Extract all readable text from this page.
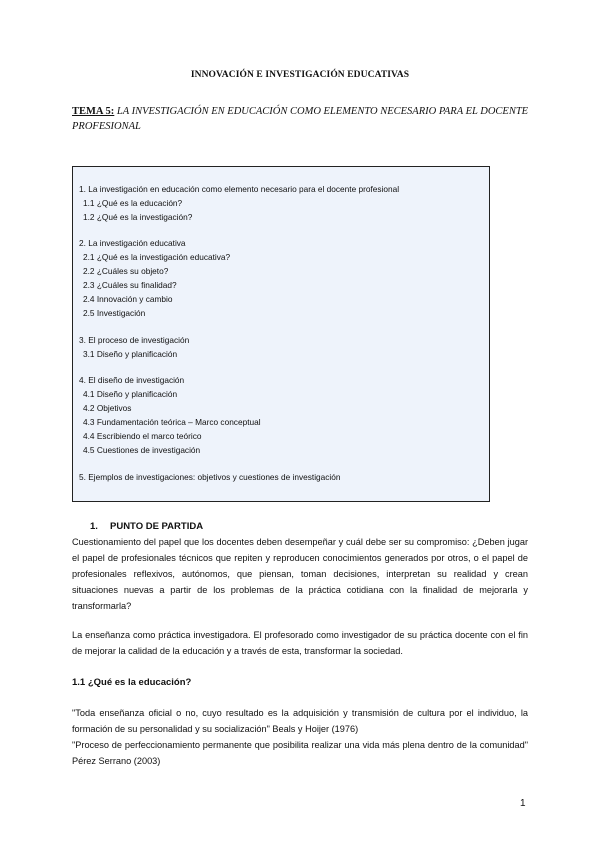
INNOVACIÓN E INVESTIGACIÓN EDUCATIVAS
TEMA 5: LA INVESTIGACIÓN EN EDUCACIÓN COMO ELEMENTO NECESARIO PARA EL DOCENTE PROFESIONAL
1. La investigación en educación como elemento necesario para el docente profesional
1.1 ¿Qué es la educación?
1.2 ¿Qué es la investigación?
2. La investigación educativa
2.1 ¿Qué es la investigación educativa?
2.2 ¿Cuáles su objeto?
2.3 ¿Cuáles su finalidad?
2.4 Innovación y cambio
2.5 Investigación
3. El proceso de investigación
3.1 Diseño y planificación
4. El diseño de investigación
4.1 Diseño y planificación
4.2 Objetivos
4.3 Fundamentación teórica – Marco conceptual
4.4 Escribiendo el marco teórico
4.5 Cuestiones de investigación
5. Ejemplos de investigaciones: objetivos y cuestiones de investigación
1. PUNTO DE PARTIDA
Cuestionamiento del papel que los docentes deben desempeñar y cuál debe ser su compromiso: ¿Deben jugar el papel de profesionales técnicos que repiten y reproducen conocimientos generados por otros, o el papel de profesionales reflexivos, autónomos, que piensan, toman decisiones, interpretan su realidad y crean situaciones nuevas a partir de los problemas de la práctica cotidiana con la finalidad de mejorarla y transformarla?
La enseñanza como práctica investigadora. El profesorado como investigador de su práctica docente con el fin de mejorar la calidad de la educación y a través de esta, transformar la sociedad.
1.1 ¿Qué es la educación?
"Toda enseñanza oficial o no, cuyo resultado es la adquisición y transmisión de cultura por el individuo, la formación de su personalidad y su socialización" Beals y Hoijer (1976)
"Proceso de perfeccionamiento permanente que posibilita realizar una vida más plena dentro de la comunidad" Pérez Serrano (2003)
1
